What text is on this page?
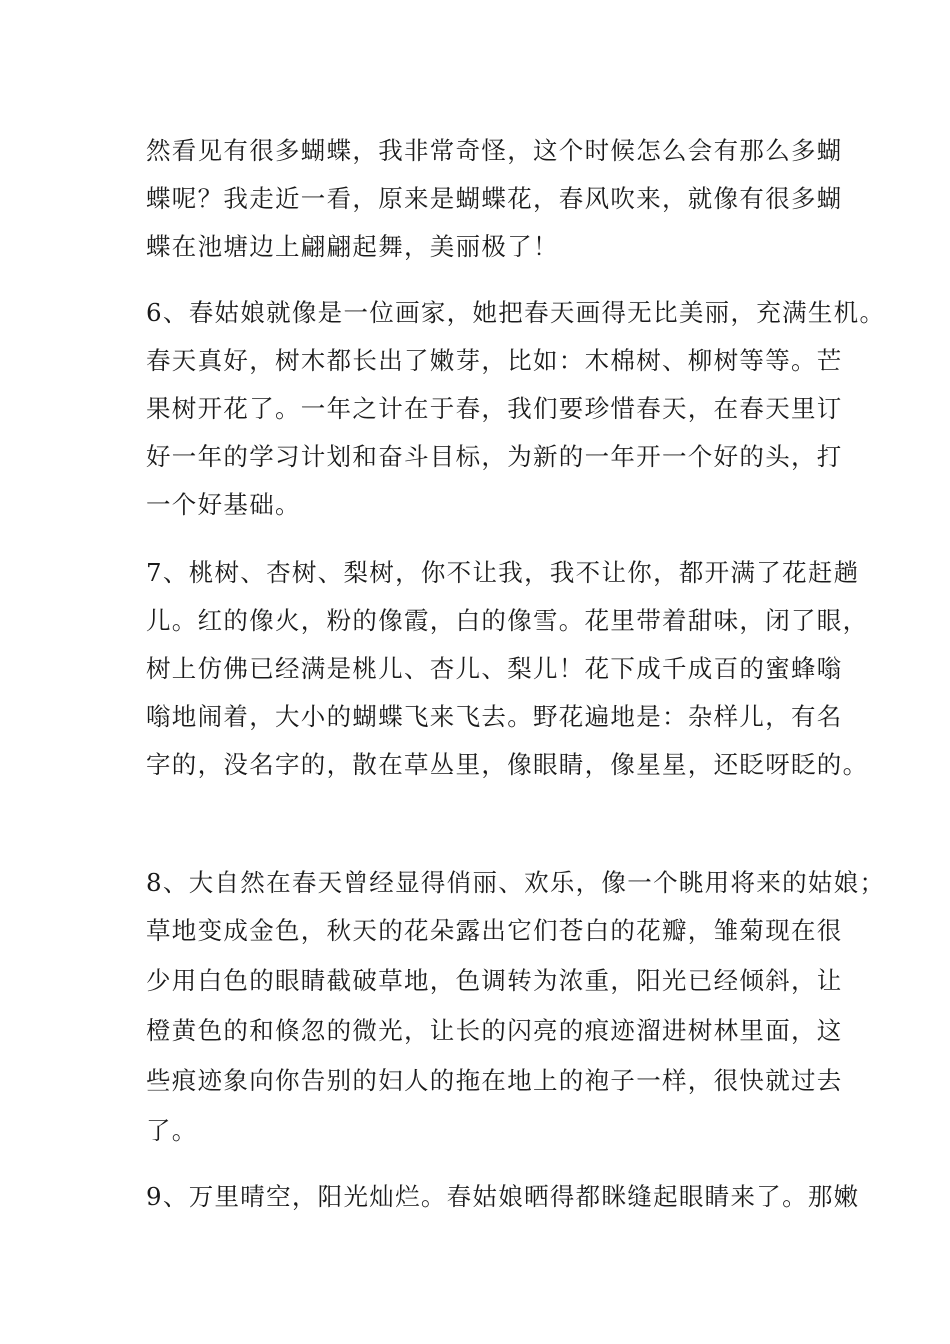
然看见有很多蝴蝶，我非常奇怪，这个时候怎么会有那么多蝴
蝶呢？我走近一看，原来是蝴蝶花，春风吹来，就像有很多蝴
蝶在池塘边上翩翩起舞，美丽极了！
6、春姑娘就像是一位画家，她把春天画得无比美丽，充满生机。
春天真好，树木都长出了嫩芽，比如：木棉树、柳树等等。芒
果树开花了。一年之计在于春，我们要珍惜春天，在春天里订
好一年的学习计划和奋斗目标，为新的一年开一个好的头，打
一个好基础。
7、桃树、杏树、梨树，你不让我，我不让你，都开满了花赶趟
儿。红的像火，粉的像霞，白的像雪。花里带着甜味，闭了眼，
树上仿佛已经满是桃儿、杏儿、梨儿！花下成千成百的蜜蜂嗡
嗡地闹着，大小的蝴蝶飞来飞去。野花遍地是：杂样儿，有名
字的，没名字的，散在草丛里，像眼睛，像星星，还眨呀眨的。
8、大自然在春天曾经显得俏丽、欢乐，像一个眺用将来的姑娘；
草地变成金色，秋天的花朵露出它们苍白的花瓣，雏菊现在很
少用白色的眼睛截破草地，色调转为浓重，阳光已经倾斜，让
橙黄色的和倏忽的微光，让长的闪亮的痕迹溜进树林里面，这
些痕迹象向你告别的妇人的拖在地上的袍子一样，很快就过去
了。
9、万里晴空，阳光灿烂。春姑娘晒得都眯缝起眼睛来了。那嫩
